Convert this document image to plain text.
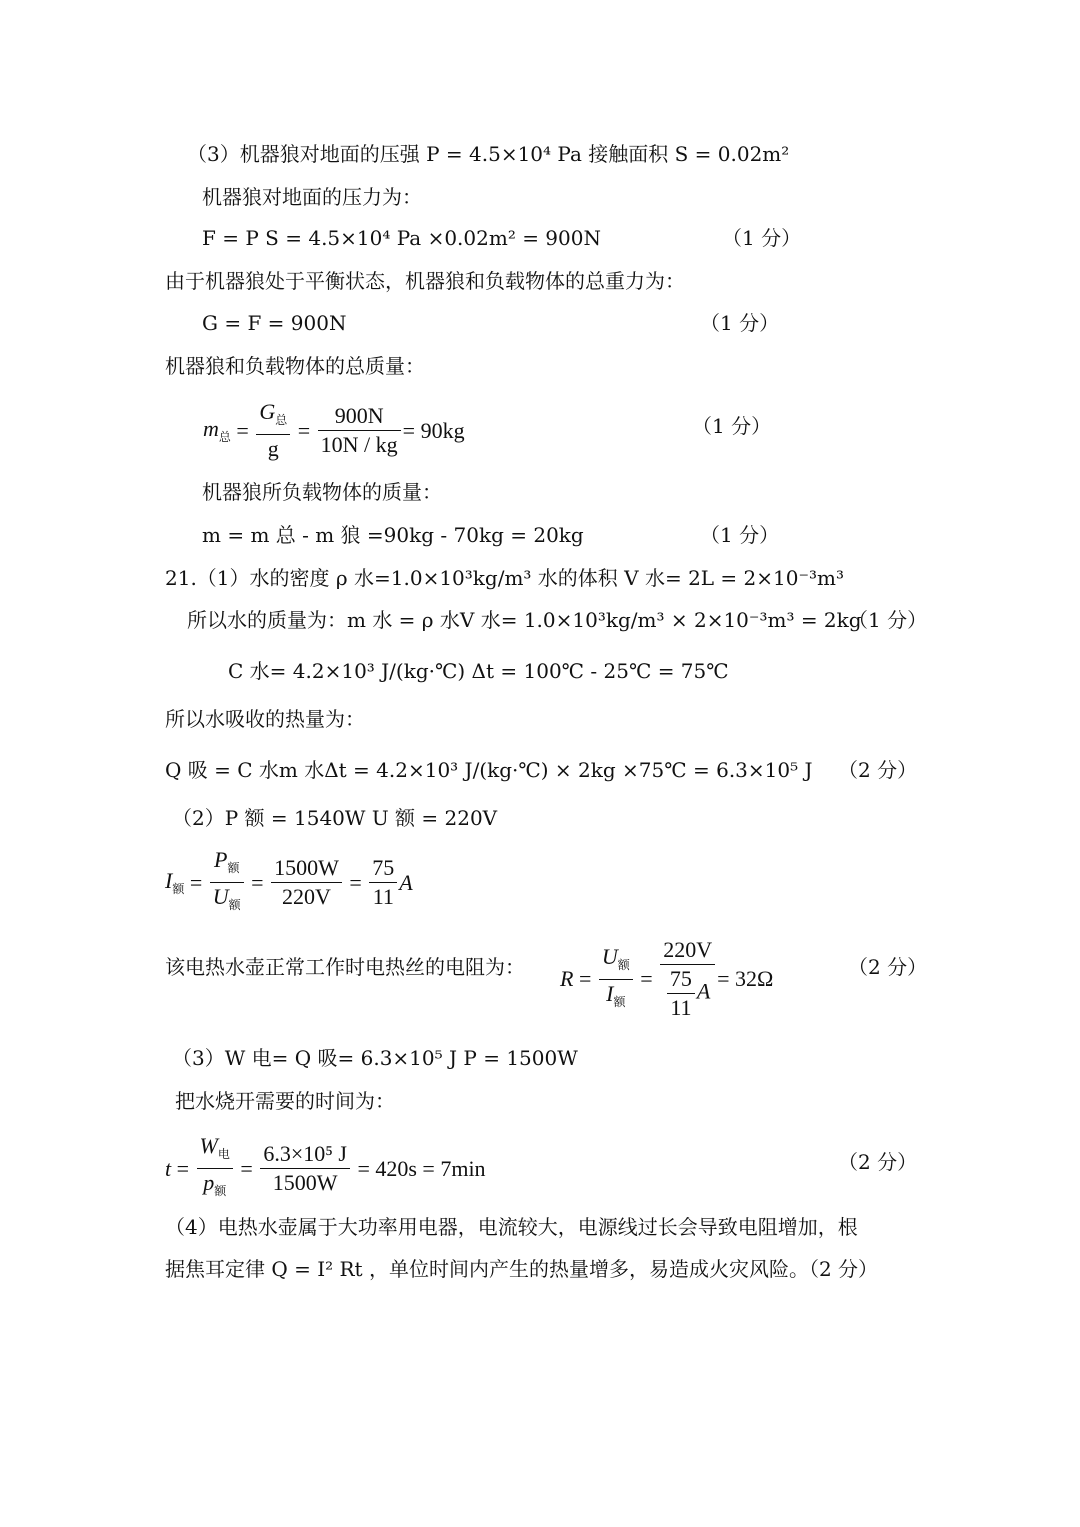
（3）机器狼对地面的压强 P = 4.5×10⁴ Pa 接触面积 S = 0.02m²
机器狼对地面的压力为：
F = P S = 4.5×10⁴ Pa ×0.02m² = 900N	（1 分）
由于机器狼处于平衡状态，机器狼和负载物体的总重力为：
G = F = 900N	（1 分）
机器狼和负载物体的总质量：
$m_总 = \frac{G_总}{g} = \frac{900N}{10N / kg} = 90kg$	（1 分）
机器狼所负载物体的质量：
m = m 总 - m 狼 =90kg - 70kg = 20kg	（1 分）
21.（1）水的密度 ρ 水=1.0×10³kg/m³ 水的体积 V 水= 2L = 2×10⁻³m³
所以水的质量为：m 水 = ρ 水V 水= 1.0×10³kg/m³ × 2×10⁻³m³ = 2kg
（1 分）
C 水= 4.2×10³ J/(kg·℃) Δt = 100℃ - 25℃ = 75℃
所以水吸收的热量为：
Q 吸 = C 水m 水Δt = 4.2×10³ J/(kg·℃) × 2kg ×75℃ = 6.3×10⁵ J （2 分）
（2）P 额 = 1540W U 额 = 220V
$I_额 = \frac{P_额}{U_额} = \frac{1500W}{220V} = \frac{75}{11}$ A
该电热水壶正常工作时电热丝的电阻为： $R = \frac{U_额}{I_额} = \frac{220V}{\frac{75}{11} A} = 32\Omega$	（2 分）
（3）W 电= Q 吸= 6.3×10⁵ J P = 1500W
把水烧开需要的时间为：
$t = \frac{W_电}{p_额} = \frac{\text{6.3×10⁵ J}}{1500W}$
= 420s = 7min	（2 分）
（4）电热水壶属于大功率用电器，电流较大，电源线过长会导致电阻增加，根
据焦耳定律 Q = I² Rt ，单位时间内产生的热量增多，易造成火灾风险。（2 分）
